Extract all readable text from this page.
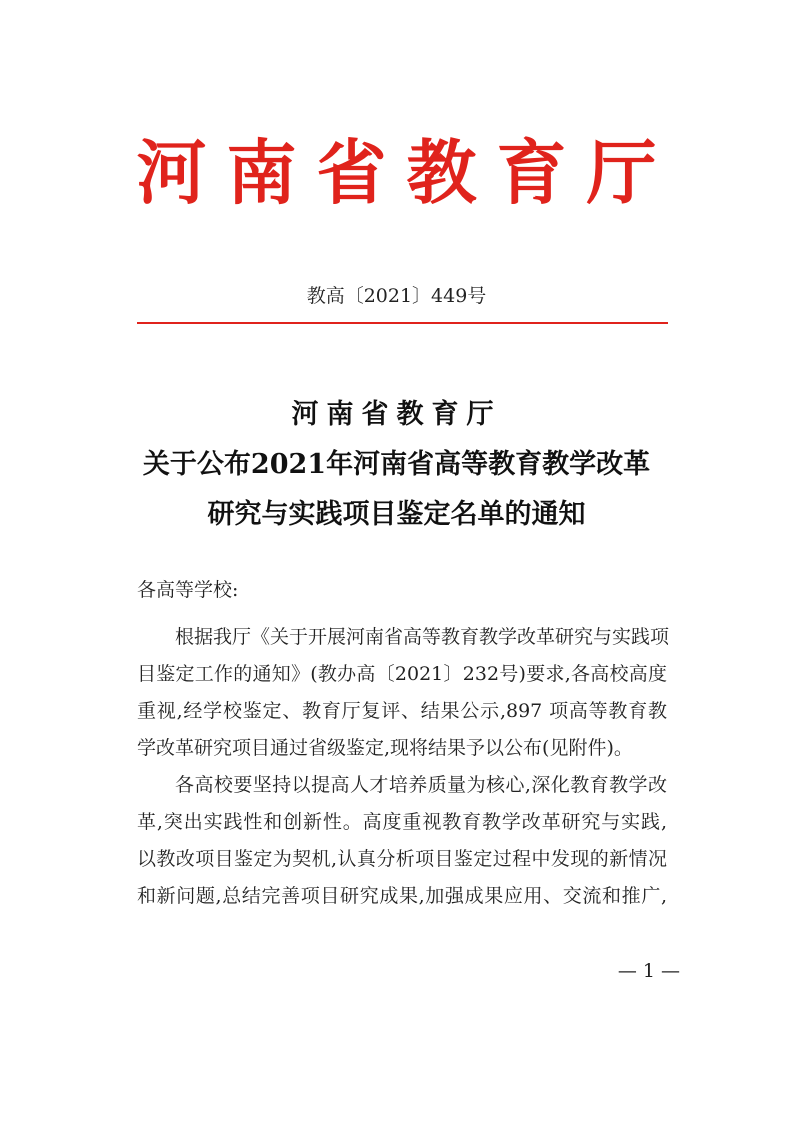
河南省教育厅
教高〔2021〕449号
河南省教育厅
关于公布2021年河南省高等教育教学改革
研究与实践项目鉴定名单的通知
各高等学校:
根据我厅《关于开展河南省高等教育教学改革研究与实践项
目鉴定工作的通知》(教办高〔2021〕232号)要求,各高校高度
重视,经学校鉴定、教育厅复评、结果公示,897 项高等教育教
学改革研究项目通过省级鉴定,现将结果予以公布(见附件)。
各高校要坚持以提高人才培养质量为核心,深化教育教学改
革,突出实践性和创新性。高度重视教育教学改革研究与实践,
以教改项目鉴定为契机,认真分析项目鉴定过程中发现的新情况
和新问题,总结完善项目研究成果,加强成果应用、交流和推广,
— 1 —
